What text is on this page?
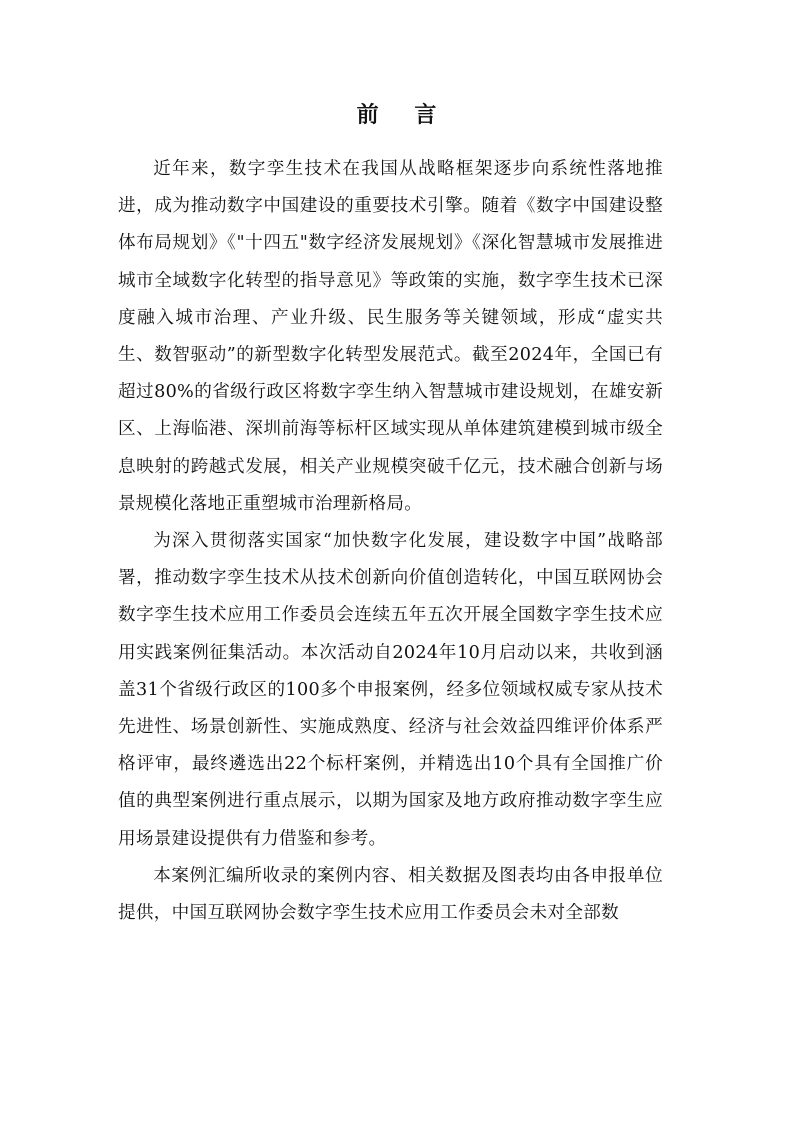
前 言

近年来，数字孪生技术在我国从战略框架逐步向系统性落地推进，成为推动数字中国建设的重要技术引擎。随着《数字中国建设整体布局规划》《"十四五"数字经济发展规划》《深化智慧城市发展推进城市全域数字化转型的指导意见》等政策的实施，数字孪生技术已深度融入城市治理、产业升级、民生服务等关键领域，形成“虚实共生、数智驱动”的新型数字化转型发展范式。截至2024年，全国已有超过80%的省级行政区将数字孪生纳入智慧城市建设规划，在雄安新区、上海临港、深圳前海等标杆区域实现从单体建筑建模到城市级全息映射的跨越式发展，相关产业规模突破千亿元，技术融合创新与场景规模化落地正重塑城市治理新格局。

为深入贯彻落实国家“加快数字化发展，建设数字中国”战略部署，推动数字孪生技术从技术创新向价值创造转化，中国互联网协会数字孪生技术应用工作委员会连续五年五次开展全国数字孪生技术应用实践案例征集活动。本次活动自2024年10月启动以来，共收到涵盖31个省级行政区的100多个申报案例，经多位领域权威专家从技术先进性、场景创新性、实施成熟度、经济与社会效益四维评价体系严格评审，最终遴选出22个标杆案例，并精选出10个具有全国推广价值的典型案例进行重点展示，以期为国家及地方政府推动数字孪生应用场景建设提供有力借鉴和参考。

本案例汇编所收录的案例内容、相关数据及图表均由各申报单位提供，中国互联网协会数字孪生技术应用工作委员会未对全部数
